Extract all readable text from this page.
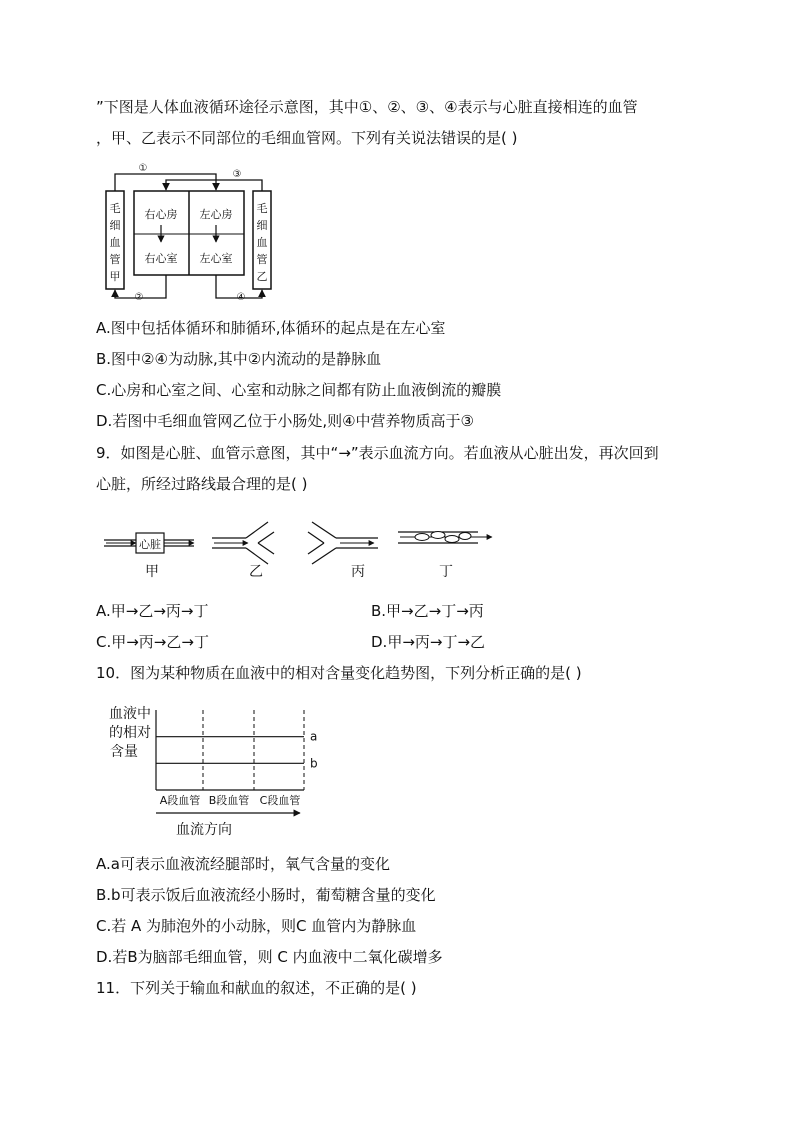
”下图是人体血液循环途径示意图，其中①、②、③、④表示与心脏直接相连的血管
，甲、乙表示不同部位的毛细血管网。下列有关说法错误的是( )
毛
细
血
管
甲
毛
细
血
管
乙
右心房 左心房
右心室 左心室
①
③
②	④
A.图中包括体循环和肺循环,体循环的起点是在左心室
B.图中②④为动脉,其中②内流动的是静脉血
C.心房和心室之间、心室和动脉之间都有防止血液倒流的瓣膜
D.若图中毛细血管网乙位于小肠处,则④中营养物质高于③
9．如图是心脏、血管示意图，其中“→”表示血流方向。若血液从心脏出发，再次回到
心脏，所经过路线最合理的是( )
心脏
甲	乙	丙	丁
A.甲→乙→丙→丁	B.甲→乙→丁→丙
C.甲→丙→乙→丁	D.甲→丙→丁→乙
10．图为某种物质在血液中的相对含量变化趋势图，下列分析正确的是( )
血液中
的相对
含量
a
b
A段血管 B段血管 C段血管
血流方向
A.a可表示血液流经腿部时，氧气含量的变化
B.b可表示饭后血液流经小肠时，葡萄糖含量的变化
C.若 A 为肺泡外的小动脉，则C 血管内为静脉血
D.若B为脑部毛细血管，则 C 内血液中二氧化碳增多
11．下列关于输血和献血的叙述，不正确的是( )
